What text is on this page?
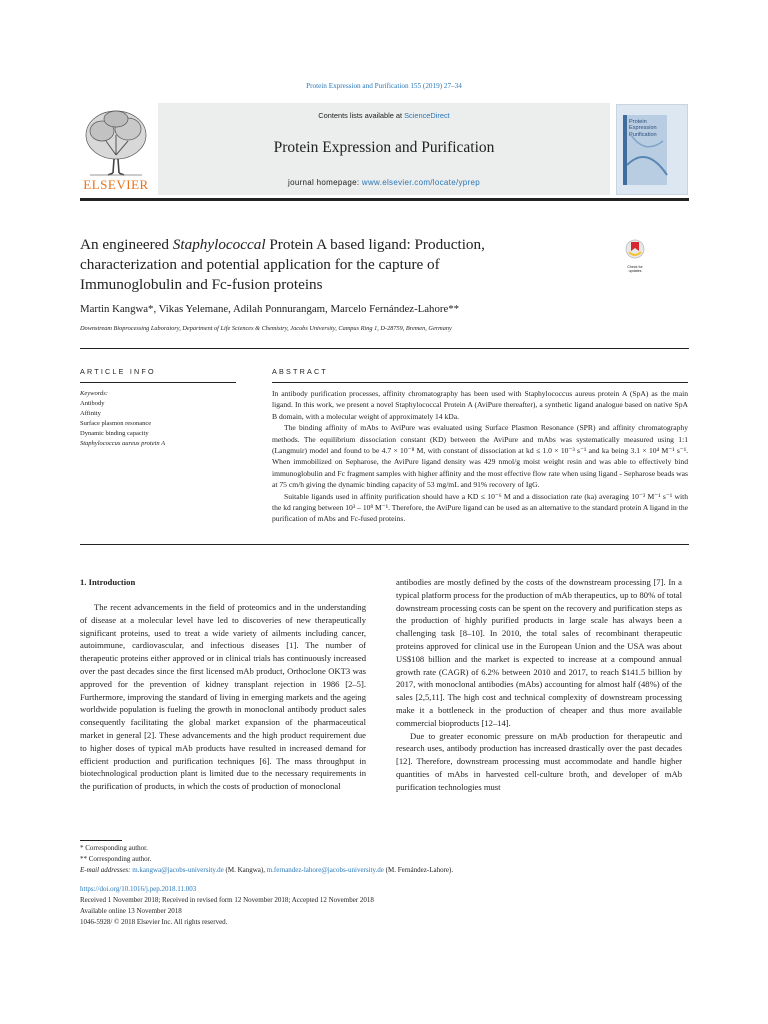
Protein Expression and Purification 155 (2019) 27–34
Contents lists available at ScienceDirect
Protein Expression and Purification
journal homepage: www.elsevier.com/locate/yprep
ELSEVIER
Protein
Expression
Purification
An engineered Staphylococcal Protein A based ligand: Production,
characterization and potential application for the capture of
Immunoglobulin and Fc-fusion proteins
Check for
updates
Martin Kangwa*, Vikas Yelemane, Adilah Ponnurangam, Marcelo Fernández-Lahore**
Downstream Bioprocessing Laboratory, Department of Life Sciences & Chemistry, Jacobs University, Campus Ring 1, D-28759, Bremen, Germany
ARTICLE INFO
Keywords:
Antibody
Affinity
Surface plasmon resonance
Dynamic binding capacity
Staphylococcus aureus protein A
ABSTRACT

In antibody purification processes, affinity chromatography has been used with Staphylococcus aureus protein A (SpA) as the main ligand. In this work, we present a novel Staphylococcal Protein A (AviPure thereafter), a synthetic ligand analogue based on native SpA B domain, with a molecular weight of approximately 14 kDa.

The binding affinity of mAbs to AviPure was evaluated using Surface Plasmon Resonance (SPR) and affinity chromatography methods. The equilibrium dissociation constant (KD) between the AviPure and mAbs was systematically measured using 1:1 (Langmuir) model and found to be 4.7 × 10⁻⁸ M, with constant of dissociation at kd ≤ 1.0 × 10⁻³ s⁻¹ and ka being 3.1 × 10⁴ M⁻¹ s⁻¹. When immobilized on Sepharose, the AviPure ligand density was 429 nmol/g moist weight resin and was able to effectively bind immunoglobulin and Fc fragment samples with higher affinity and the most effective flow rate when using ligand - Sepharose beads was at 75 cm/h giving the dynamic binding capacity of 53 mg/mL and 91% recovery of IgG.

Suitable ligands used in affinity purification should have a KD ≤ 10⁻⁶ M and a dissociation rate (ka) averaging 10⁻³ M⁻¹ s⁻¹ with the kd ranging between 10³ – 10⁸ M⁻¹. Therefore, the AviPure ligand can be used as an alternative to the standard protein A ligand in the purification of mAbs and Fc-fused proteins.

1. Introduction

The recent advancements in the field of proteomics and in the understanding of disease at a molecular level have led to discoveries of new therapeutically significant proteins, used to treat a wide variety of ailments including cancer, autoimmune, cardiovascular, and infectious diseases [1]. The number of therapeutic proteins either approved or in clinical trials has continuously increased over the past decades since the first licensed mAb product, Orthoclone OKT3 was approved for the prevention of kidney transplant rejection in 1986 [2–5]. Furthermore, improving the standard of living in emerging markets and the ageing worldwide population is fueling the growth in monoclonal antibody product sales consequently facilitating the global market expansion of the pharmaceutical market in general [2]. These advancements and the high product requirement due to higher doses of typical mAb products have resulted in increased demand for efficient production and purification techniques [6]. The mass throughput in biotechnological production plant is limited due to the necessary requirements in the purification of products, in which the costs of production of monoclonal

antibodies are mostly defined by the costs of the downstream processing [7]. In a typical platform process for the production of mAb therapeutics, up to 80% of total downstream processing costs can be spent on the recovery and purification steps as the production of highly purified products in large scale has always been a challenging task [8–10]. In 2010, the total sales of recombinant therapeutic proteins approved for clinical use in the European Union and the USA was about US$108 billion and the market is expected to increase at a compound annual growth rate (CAGR) of 6.2% between 2010 and 2017, to reach $141.5 billion by 2017, with monoclonal antibodies (mAbs) accounting for almost half (48%) of the sales [2,5,11]. The high cost and technical complexity of downstream processing make it a bottleneck in the production of cheaper and thus more available commercial bioproducts [12–14].

Due to greater economic pressure on mAb production for therapeutic and research uses, antibody production has increased drastically over the past decades [12]. Therefore, downstream processing must accommodate and handle higher quantities of mAbs in harvested cell-culture broth, and developer of mAb purification technologies must

* Corresponding author.
** Corresponding author.
E-mail addresses: m.kangwa@jacobs-university.de (M. Kangwa), m.fernandez-lahore@jacobs-university.de (M. Fernández-Lahore).
https://doi.org/10.1016/j.pep.2018.11.003
Received 1 November 2018; Received in revised form 12 November 2018; Accepted 12 November 2018
Available online 13 November 2018
1046-5928/ © 2018 Elsevier Inc. All rights reserved.
